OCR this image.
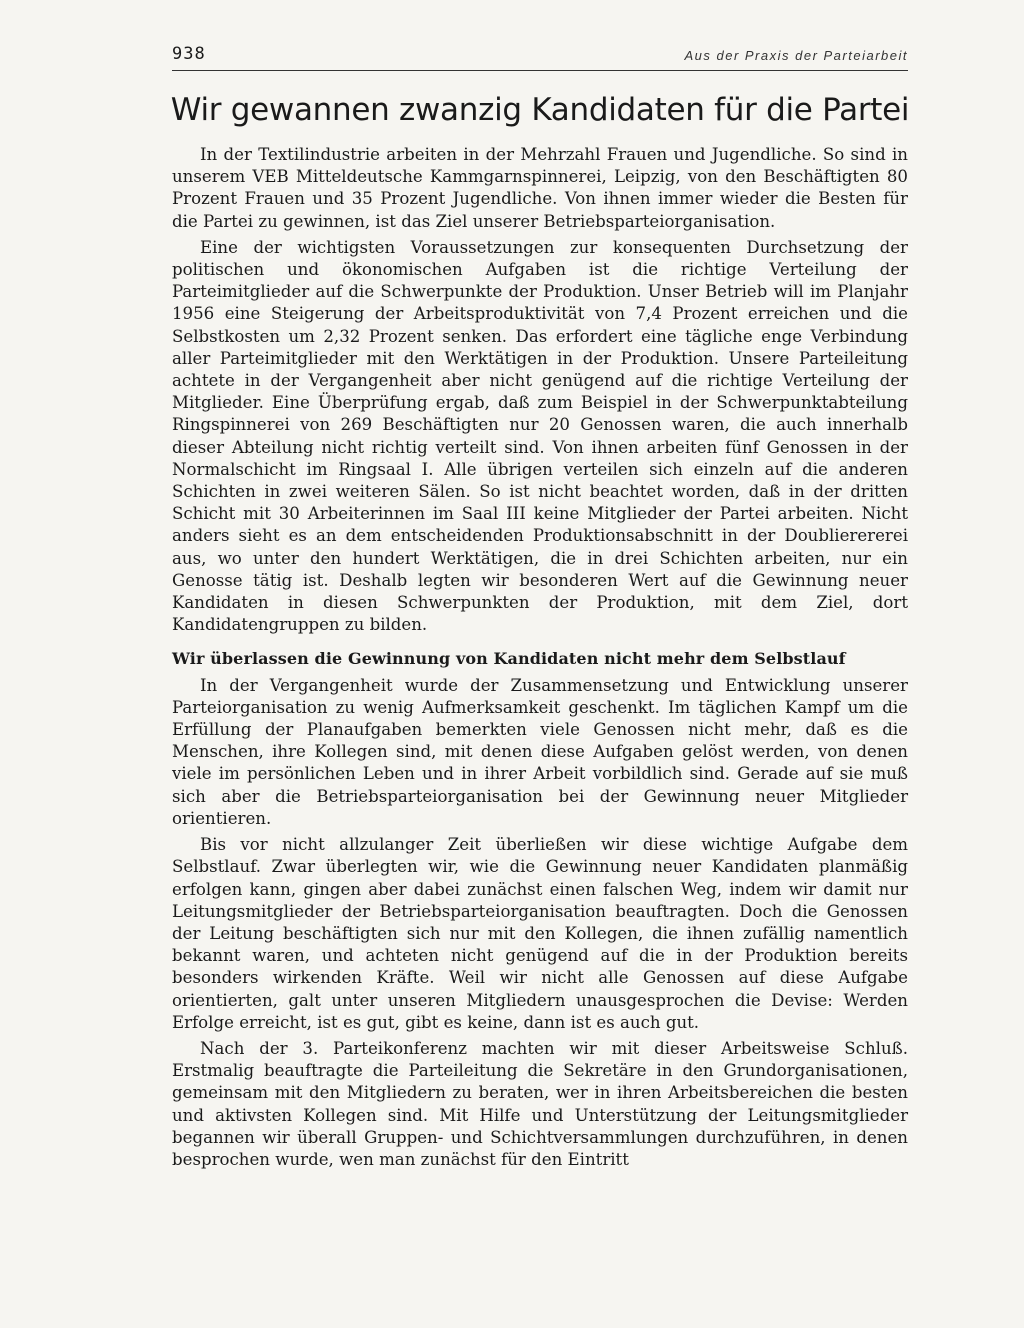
938	Aus der Praxis der Parteiarbeit
Wir gewannen zwanzig Kandidaten für die Partei

In der Textilindustrie arbeiten in der Mehrzahl Frauen und Jugendliche. So sind in unserem VEB Mitteldeutsche Kammgarnspinnerei, Leipzig, von den Beschäftigten 80 Prozent Frauen und 35 Prozent Jugendliche. Von ihnen immer wieder die Besten für die Partei zu gewinnen, ist das Ziel unserer Betriebsparteiorganisation.

Eine der wichtigsten Voraussetzungen zur konsequenten Durchsetzung der politischen und ökonomischen Aufgaben ist die richtige Verteilung der Parteimitglieder auf die Schwerpunkte der Produktion. Unser Betrieb will im Planjahr 1956 eine Steigerung der Arbeitsproduktivität von 7,4 Prozent erreichen und die Selbstkosten um 2,32 Prozent senken. Das erfordert eine tägliche enge Verbindung aller Parteimitglieder mit den Werktätigen in der Produktion. Unsere Parteileitung achtete in der Vergangenheit aber nicht genügend auf die richtige Verteilung der Mitglieder. Eine Überprüfung ergab, daß zum Beispiel in der Schwerpunktabteilung Ringspinnerei von 269 Beschäftigten nur 20 Genossen waren, die auch innerhalb dieser Abteilung nicht richtig verteilt sind. Von ihnen arbeiten fünf Genossen in der Normalschicht im Ringsaal I. Alle übrigen verteilen sich einzeln auf die anderen Schichten in zwei weiteren Sälen. So ist nicht beachtet worden, daß in der dritten Schicht mit 30 Arbeiterinnen im Saal III keine Mitglieder der Partei arbeiten. Nicht anders sieht es an dem entscheidenden Produktionsabschnitt in der Doublierererei aus, wo unter den hundert Werktätigen, die in drei Schichten arbeiten, nur ein Genosse tätig ist. Deshalb legten wir besonderen Wert auf die Gewinnung neuer Kandidaten in diesen Schwerpunkten der Produktion, mit dem Ziel, dort Kandidatengruppen zu bilden.

Wir überlassen die Gewinnung von Kandidaten nicht mehr dem Selbstlauf

In der Vergangenheit wurde der Zusammensetzung und Entwicklung unserer Parteiorganisation zu wenig Aufmerksamkeit geschenkt. Im täglichen Kampf um die Erfüllung der Planaufgaben bemerkten viele Genossen nicht mehr, daß es die Menschen, ihre Kollegen sind, mit denen diese Aufgaben gelöst werden, von denen viele im persönlichen Leben und in ihrer Arbeit vorbildlich sind. Gerade auf sie muß sich aber die Betriebsparteiorganisation bei der Gewinnung neuer Mitglieder orientieren.

Bis vor nicht allzulanger Zeit überließen wir diese wichtige Aufgabe dem Selbstlauf. Zwar überlegten wir, wie die Gewinnung neuer Kandidaten planmäßig erfolgen kann, gingen aber dabei zunächst einen falschen Weg, indem wir damit nur Leitungsmitglieder der Betriebsparteiorganisation beauftragten. Doch die Genossen der Leitung beschäftigten sich nur mit den Kollegen, die ihnen zufällig namentlich bekannt waren, und achteten nicht genügend auf die in der Produktion bereits besonders wirkenden Kräfte. Weil wir nicht alle Genossen auf diese Aufgabe orientierten, galt unter unseren Mitgliedern unausgesprochen die Devise: Werden Erfolge erreicht, ist es gut, gibt es keine, dann ist es auch gut.

Nach der 3. Parteikonferenz machten wir mit dieser Arbeitsweise Schluß. Erstmalig beauftragte die Parteileitung die Sekretäre in den Grundorganisationen, gemeinsam mit den Mitgliedern zu beraten, wer in ihren Arbeitsbereichen die besten und aktivsten Kollegen sind. Mit Hilfe und Unterstützung der Leitungsmitglieder begannen wir überall Gruppen- und Schichtversammlungen durchzuführen, in denen besprochen wurde, wen man zunächst für den Eintritt
